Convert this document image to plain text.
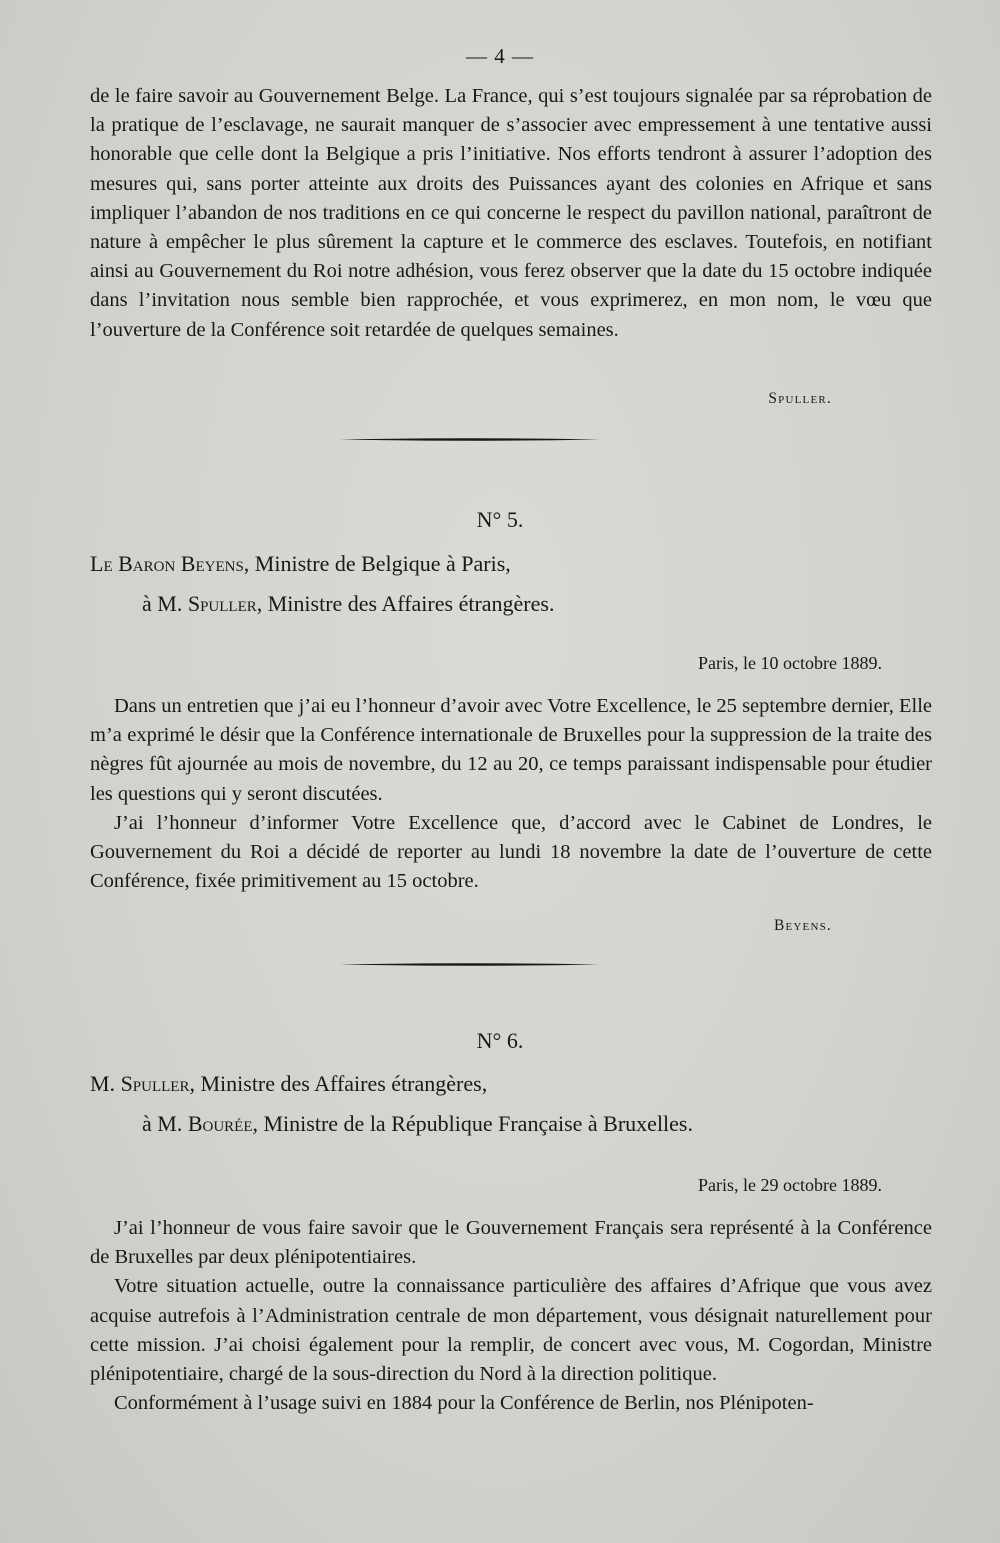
— 4 —

de le faire savoir au Gouvernement Belge. La France, qui s’est toujours signalée par sa réprobation de la pratique de l’esclavage, ne saurait manquer de s’associer avec empressement à une tentative aussi honorable que celle dont la Belgique a pris l’initiative. Nos efforts tendront à assurer l’adoption des mesures qui, sans porter atteinte aux droits des Puissances ayant des colonies en Afrique et sans impliquer l’abandon de nos traditions en ce qui concerne le respect du pavillon national, paraîtront de nature à empêcher le plus sûrement la capture et le commerce des esclaves. Toutefois, en notifiant ainsi au Gouvernement du Roi notre adhésion, vous ferez observer que la date du 15 octobre indiquée dans l’invitation nous semble bien rapprochée, et vous exprimerez, en mon nom, le vœu que l’ouverture de la Conférence soit retardée de quelques semaines.

Spuller.
N° 5.
Le Baron Beyens, Ministre de Belgique à Paris,
à M. Spuller, Ministre des Affaires étrangères.
Paris, le 10 octobre 1889.

Dans un entretien que j’ai eu l’honneur d’avoir avec Votre Excellence, le 25 septembre dernier, Elle m’a exprimé le désir que la Conférence internationale de Bruxelles pour la suppression de la traite des nègres fût ajournée au mois de novembre, du 12 au 20, ce temps paraissant indispensable pour étudier les questions qui y seront discutées.

J’ai l’honneur d’informer Votre Excellence que, d’accord avec le Cabinet de Londres, le Gouvernement du Roi a décidé de reporter au lundi 18 novembre la date de l’ouverture de cette Conférence, fixée primitivement au 15 octobre.

Beyens.
N° 6.
M. Spuller, Ministre des Affaires étrangères,
à M. Bourée, Ministre de la République Française à Bruxelles.
Paris, le 29 octobre 1889.

J’ai l’honneur de vous faire savoir que le Gouvernement Français sera représenté à la Conférence de Bruxelles par deux plénipotentiaires.

Votre situation actuelle, outre la connaissance particulière des affaires d’Afrique que vous avez acquise autrefois à l’Administration centrale de mon département, vous désignait naturellement pour cette mission. J’ai choisi également pour la remplir, de concert avec vous, M. Cogordan, Ministre plénipotentiaire, chargé de la sous-direction du Nord à la direction politique.

Conformément à l’usage suivi en 1884 pour la Conférence de Berlin, nos Plénipoten-
